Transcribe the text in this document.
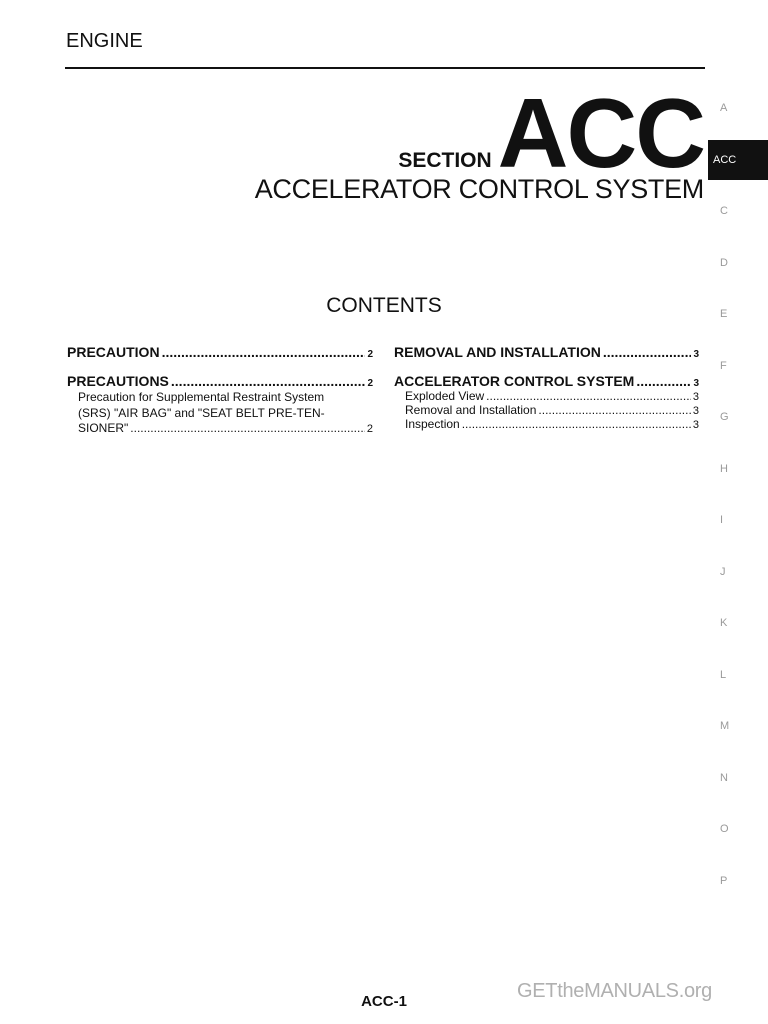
ENGINE
SECTION ACC
ACCELERATOR CONTROL SYSTEM
CONTENTS
PRECAUTION .....	2
PRECAUTIONS .....	2
Precaution for Supplemental Restraint System
(SRS) "AIR BAG" and "SEAT BELT PRE-TEN-
SIONER" .....	2
REMOVAL AND INSTALLATION .....	3
ACCELERATOR CONTROL SYSTEM .....	3
Exploded View .....	3
Removal and Installation .....	3
Inspection .....	3
A
ACC
C
D
E
F
G
H
I
J
K
L
M
N
O
P
ACC-1	GETtheMANUALS.org
